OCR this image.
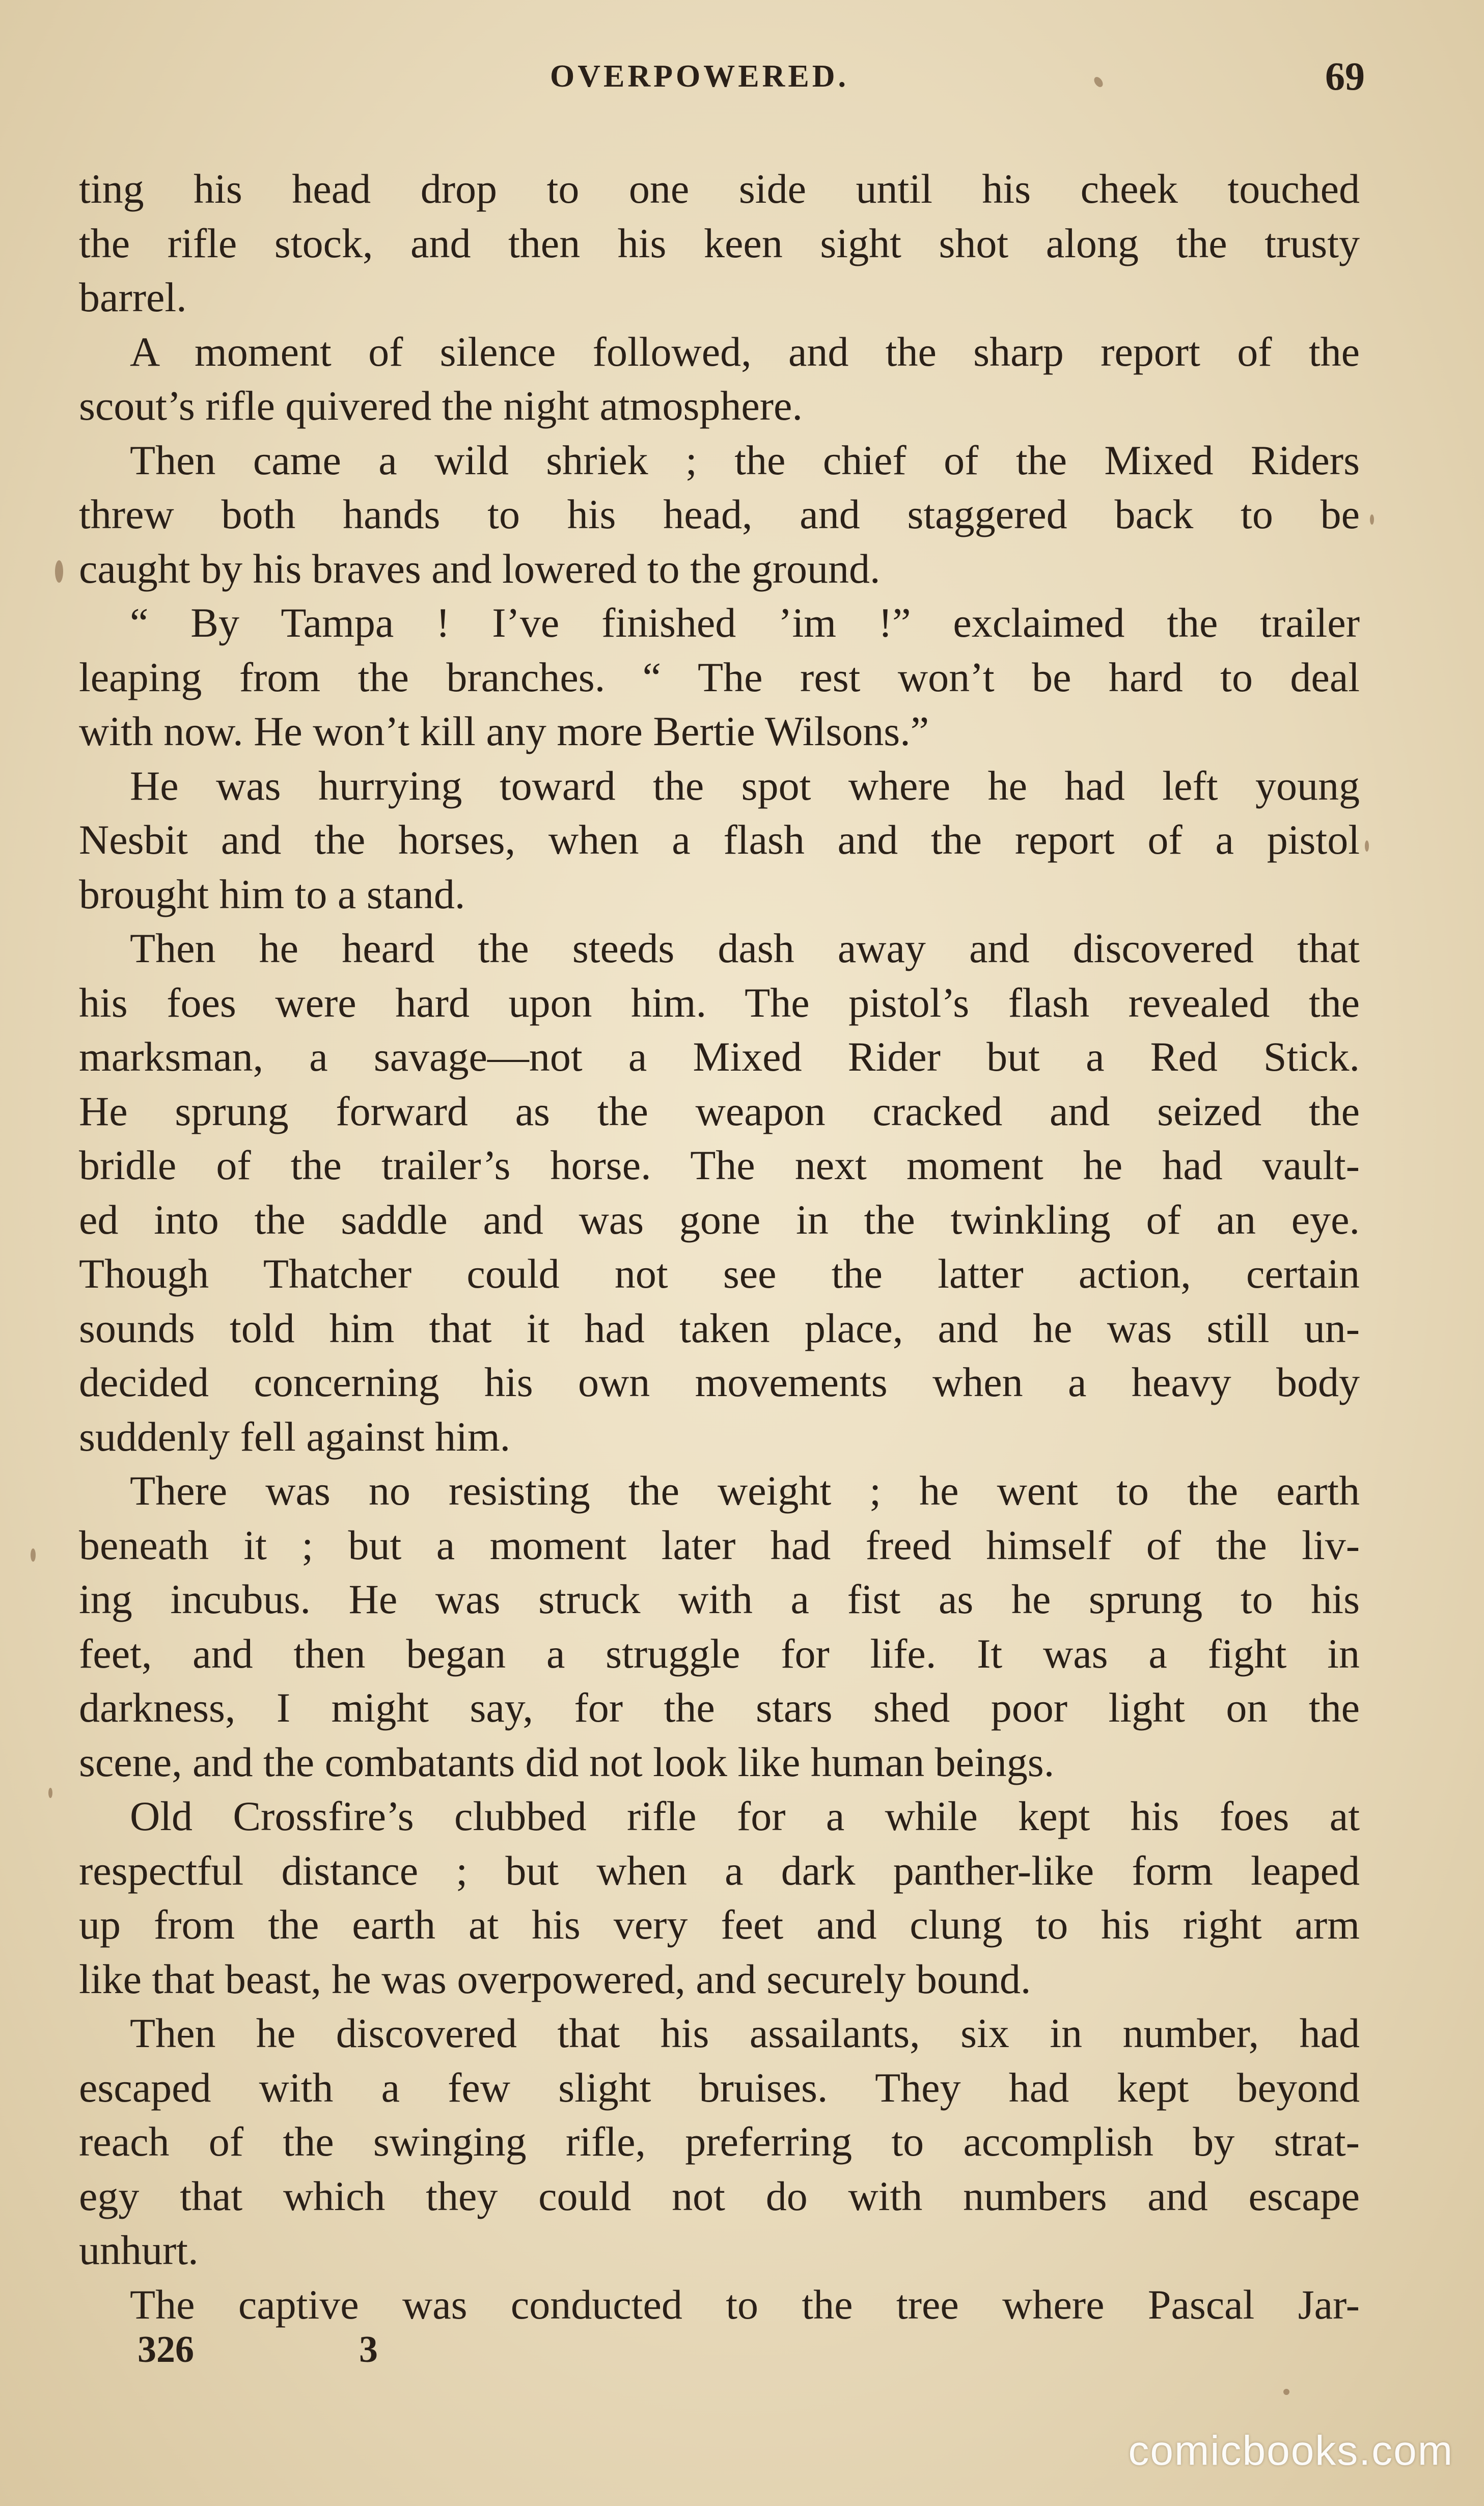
OVERPOWERED.	69
ting his head drop to one side until his cheek touched
the rifle stock, and then his keen sight shot along the trusty
barrel.
A moment of silence followed, and the sharp report of the
scout’s rifle quivered the night atmosphere.
Then came a wild shriek ; the chief of the Mixed Riders
threw both hands to his head, and staggered back to be
caught by his braves and lowered to the ground.
“ By Tampa ! I’ve finished ’im !” exclaimed the trailer
leaping from the branches. “ The rest won’t be hard to deal
with now. He won’t kill any more Bertie Wilsons.”
He was hurrying toward the spot where he had left young
Nesbit and the horses, when a flash and the report of a pistol
brought him to a stand.
Then he heard the steeds dash away and discovered that
his foes were hard upon him. The pistol’s flash revealed the
marksman, a savage—not a Mixed Rider but a Red Stick.
He sprung forward as the weapon cracked and seized the
bridle of the trailer’s horse. The next moment he had vault-
ed into the saddle and was gone in the twinkling of an eye.
Though Thatcher could not see the latter action, certain
sounds told him that it had taken place, and he was still un-
decided concerning his own movements when a heavy body
suddenly fell against him.
There was no resisting the weight ; he went to the earth
beneath it ; but a moment later had freed himself of the liv-
ing incubus. He was struck with a fist as he sprung to his
feet, and then began a struggle for life. It was a fight in
darkness, I might say, for the stars shed poor light on the
scene, and the combatants did not look like human beings.
Old Crossfire’s clubbed rifle for a while kept his foes at
respectful distance ; but when a dark panther-like form leaped
up from the earth at his very feet and clung to his right arm
like that beast, he was overpowered, and securely bound.
Then he discovered that his assailants, six in number, had
escaped with a few slight bruises. They had kept beyond
reach of the swinging rifle, preferring to accomplish by strat-
egy that which they could not do with numbers and escape
unhurt.
The captive was conducted to the tree where Pascal Jar-
326	3
comicbooks.com
